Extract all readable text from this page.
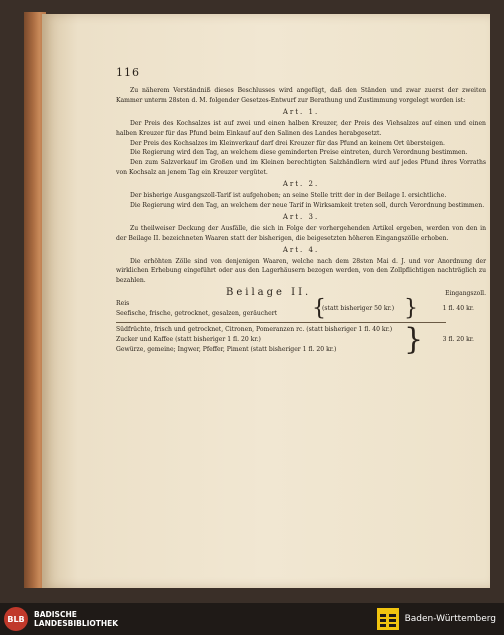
116

Zu näherem Verständniß dieses Beschlusses wird angefügt, daß den Ständen und zwar zuerst der zweiten Kammer unterm 28sten d. M. folgender Gesetzes-Entwurf zur Berathung und Zustimmung vorgelegt worden ist:

Art. 1.

Der Preis des Kochsalzes ist auf zwei und einen halben Kreuzer, der Preis des Viehsalzes auf einen und einen halben Kreuzer für das Pfund beim Einkauf auf den Salinen des Landes herabgesetzt.

Der Preis des Kochsalzes im Kleinverkauf darf drei Kreuzer für das Pfund an keinem Ort übersteigen.

Die Regierung wird den Tag, an welchem diese geminderten Preise eintreten, durch Verordnung bestimmen.

Den zum Salzverkauf im Großen und im Kleinen berechtigten Salzhändlern wird auf jedes Pfund ihres Vorraths von Kochsalz an jenem Tag ein Kreuzer vergütet.

Art. 2.

Der bisherige Ausgangszoll-Tarif ist aufgehoben; an seine Stelle tritt der in der Beilage I. ersichtliche.

Die Regierung wird den Tag, an welchem der neue Tarif in Wirksamkeit treten soll, durch Verordnung bestimmen.

Art. 3.

Zu theilweiser Deckung der Ausfälle, die sich in Folge der vorhergehenden Artikel ergeben, werden von den in der Beilage II. bezeichneten Waaren statt der bisherigen, die beigesetzten höheren Eingangszölle erhoben.

Art. 4.

Die erhöhten Zölle sind von denjenigen Waaren, welche nach dem 28sten Mai d. J. und vor Anordnung der wirklichen Erhebung eingeführt oder aus den Lagerhäusern bezogen werden, von den Zollpflichtigen nachträglich zu bezahlen.

Beilage II.	Eingangszoll.
Reis
Seefische, frische, getrocknet, gesalzen, geräuchert	{
(statt bisheriger 50 kr.) }	1 fl. 40 kr.
Südfrüchte, frisch und getrocknet, Citronen, Pomeranzen rc. (statt bisheriger 1 fl. 40 kr.)
Zucker und Kaffee (statt bisheriger 1 fl. 20 kr.)
Gewürze, gemeine; Ingwer, Pfeffer, Piment (statt bisheriger 1 fl. 20 kr.)	}	3 fl. 20 kr.
BLB	BADISCHE
LANDESBIBLIOTHEK	Baden-Württemberg
